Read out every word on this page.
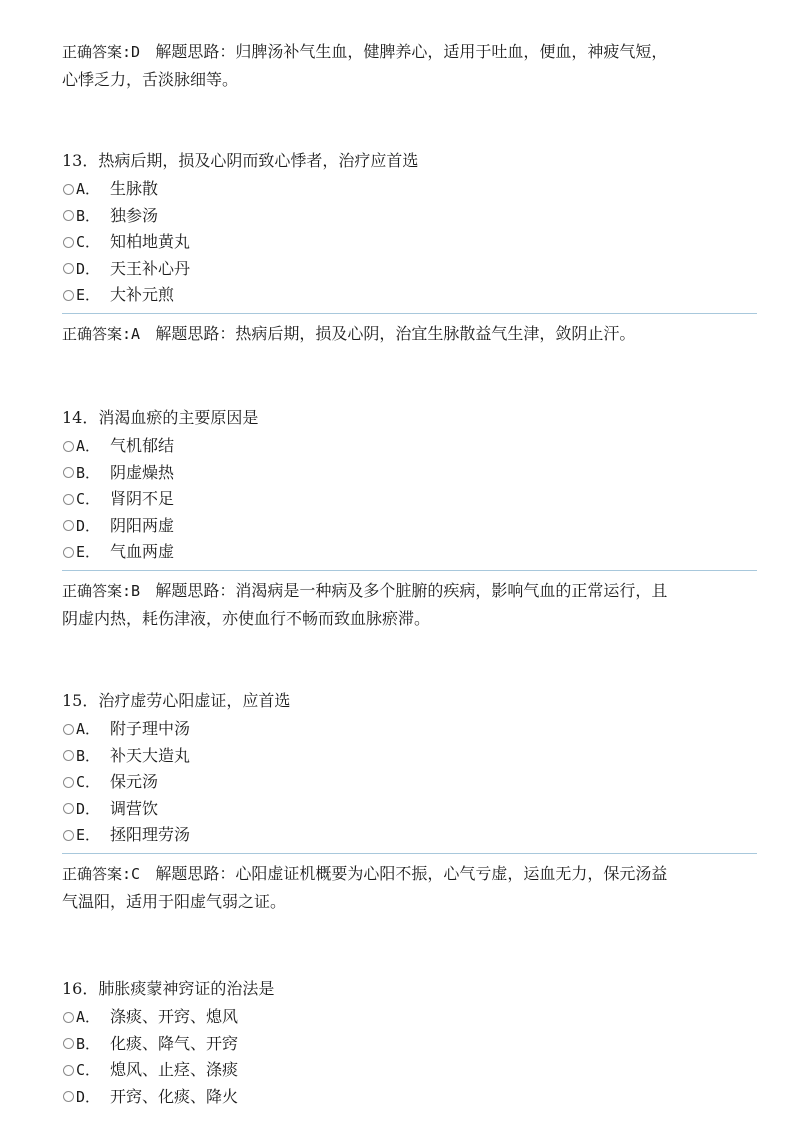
正确答案:D 解题思路：归脾汤补气生血，健脾养心，适用于吐血，便血，神疲气短，
心悸乏力，舌淡脉细等。
13．热病后期，损及心阴而致心悸者，治疗应首选
A． 生脉散
B． 独参汤
C． 知柏地黄丸
D． 天王补心丹
E． 大补元煎
正确答案:A 解题思路：热病后期，损及心阴，治宜生脉散益气生津，敛阴止汗。
14．消渴血瘀的主要原因是
A． 气机郁结
B． 阴虚燥热
C． 肾阴不足
D． 阴阳两虚
E． 气血两虚
正确答案:B 解题思路：消渴病是一种病及多个脏腑的疾病，影响气血的正常运行，且
阴虚内热，耗伤津液，亦使血行不畅而致血脉瘀滞。
15．治疗虚劳心阳虚证，应首选
A． 附子理中汤
B． 补天大造丸
C． 保元汤
D． 调营饮
E． 拯阳理劳汤
正确答案:C 解题思路：心阳虚证机概要为心阳不振，心气亏虚，运血无力，保元汤益
气温阳，适用于阳虚气弱之证。
16．肺胀痰蒙神窍证的治法是
A． 涤痰、开窍、熄风
B． 化痰、降气、开窍
C． 熄风、止痉、涤痰
D． 开窍、化痰、降火
